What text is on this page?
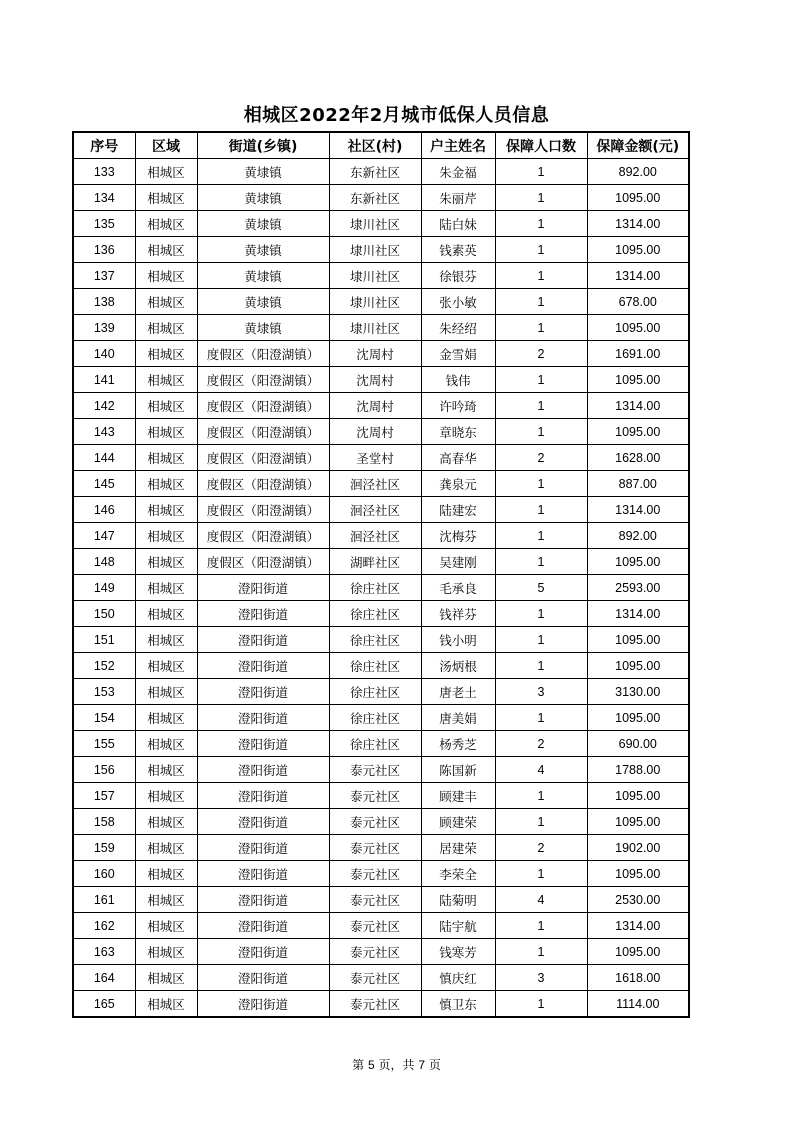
相城区2022年2月城市低保人员信息
序号	区域	街道(乡镇)	社区(村)	户主姓名	保障人口数	保障金额(元)
133	相城区	黄埭镇	东新社区	朱金福	1	892.00
134	相城区	黄埭镇	东新社区	朱丽芹	1	1095.00
135	相城区	黄埭镇	埭川社区	陆白妹	1	1314.00
136	相城区	黄埭镇	埭川社区	钱素英	1	1095.00
137	相城区	黄埭镇	埭川社区	徐银芬	1	1314.00
138	相城区	黄埭镇	埭川社区	张小敏	1	678.00
139	相城区	黄埭镇	埭川社区	朱经绍	1	1095.00
140	相城区	度假区（阳澄湖镇）	沈周村	金雪娟	2	1691.00
141	相城区	度假区（阳澄湖镇）	沈周村	钱伟	1	1095.00
142	相城区	度假区（阳澄湖镇）	沈周村	许吟琦	1	1314.00
143	相城区	度假区（阳澄湖镇）	沈周村	章晓东	1	1095.00
144	相城区	度假区（阳澄湖镇）	圣堂村	高春华	2	1628.00
145	相城区	度假区（阳澄湖镇）	洄泾社区	龚泉元	1	887.00
146	相城区	度假区（阳澄湖镇）	洄泾社区	陆建宏	1	1314.00
147	相城区	度假区（阳澄湖镇）	洄泾社区	沈梅芬	1	892.00
148	相城区	度假区（阳澄湖镇）	湖畔社区	吴建刚	1	1095.00
149	相城区	澄阳街道	徐庄社区	毛承良	5	2593.00
150	相城区	澄阳街道	徐庄社区	钱祥芬	1	1314.00
151	相城区	澄阳街道	徐庄社区	钱小明	1	1095.00
152	相城区	澄阳街道	徐庄社区	汤炳根	1	1095.00
153	相城区	澄阳街道	徐庄社区	唐老土	3	3130.00
154	相城区	澄阳街道	徐庄社区	唐美娟	1	1095.00
155	相城区	澄阳街道	徐庄社区	杨秀芝	2	690.00
156	相城区	澄阳街道	泰元社区	陈国新	4	1788.00
157	相城区	澄阳街道	泰元社区	顾建丰	1	1095.00
158	相城区	澄阳街道	泰元社区	顾建荣	1	1095.00
159	相城区	澄阳街道	泰元社区	居建荣	2	1902.00
160	相城区	澄阳街道	泰元社区	李荣全	1	1095.00
161	相城区	澄阳街道	泰元社区	陆菊明	4	2530.00
162	相城区	澄阳街道	泰元社区	陆宇航	1	1314.00
163	相城区	澄阳街道	泰元社区	钱寒芳	1	1095.00
164	相城区	澄阳街道	泰元社区	慎庆红	3	1618.00
165	相城区	澄阳街道	泰元社区	慎卫东	1	1114.00
第 5 页，共 7 页
